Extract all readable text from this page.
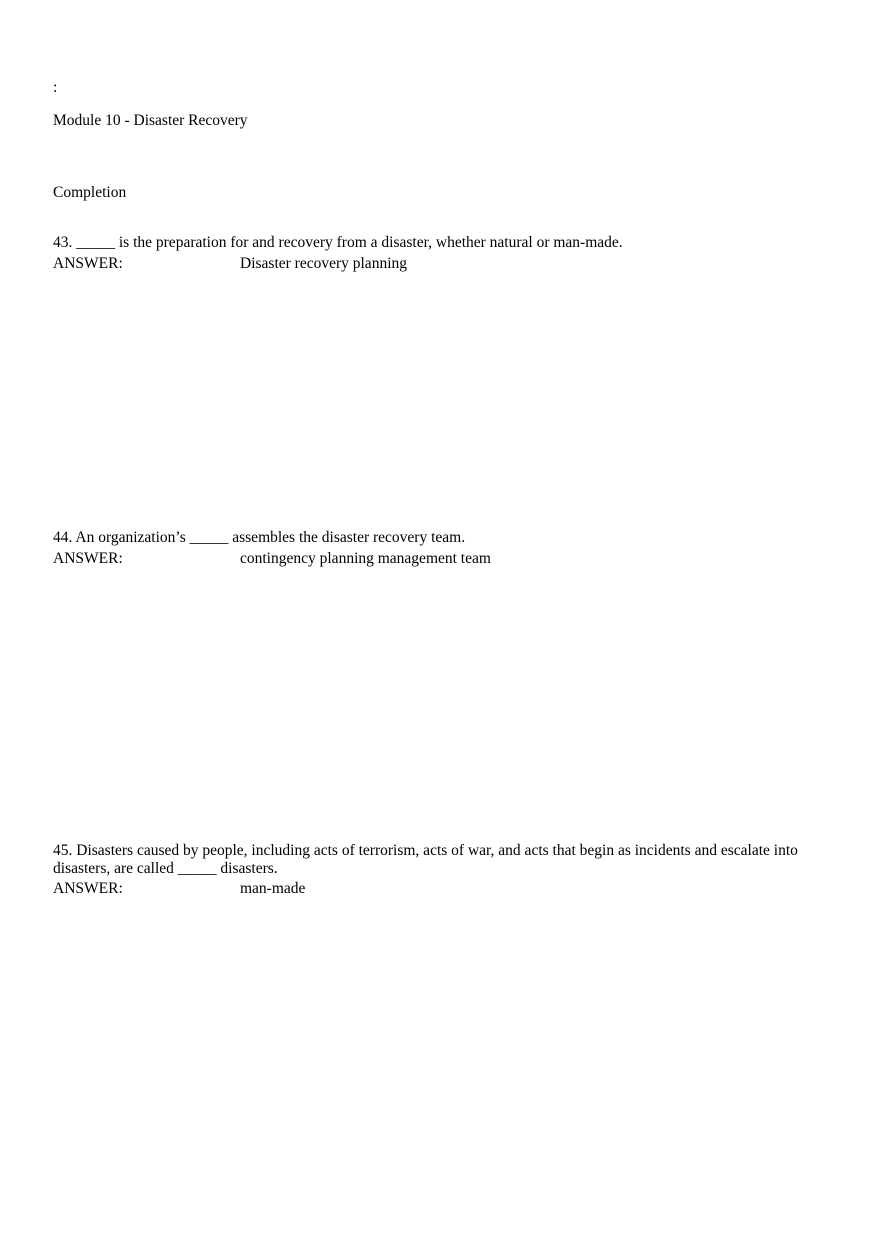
:
Module 10 - Disaster Recovery
Completion
43. _____ is the preparation for and recovery from a disaster, whether natural or man-made.
ANSWER:	Disaster recovery planning
44. An organization’s _____ assembles the disaster recovery team.
ANSWER:	contingency planning management team
45. Disasters caused by people, including acts of terrorism, acts of war, and acts that begin as incidents and escalate into disasters, are called _____ disasters.
ANSWER:	man-made
